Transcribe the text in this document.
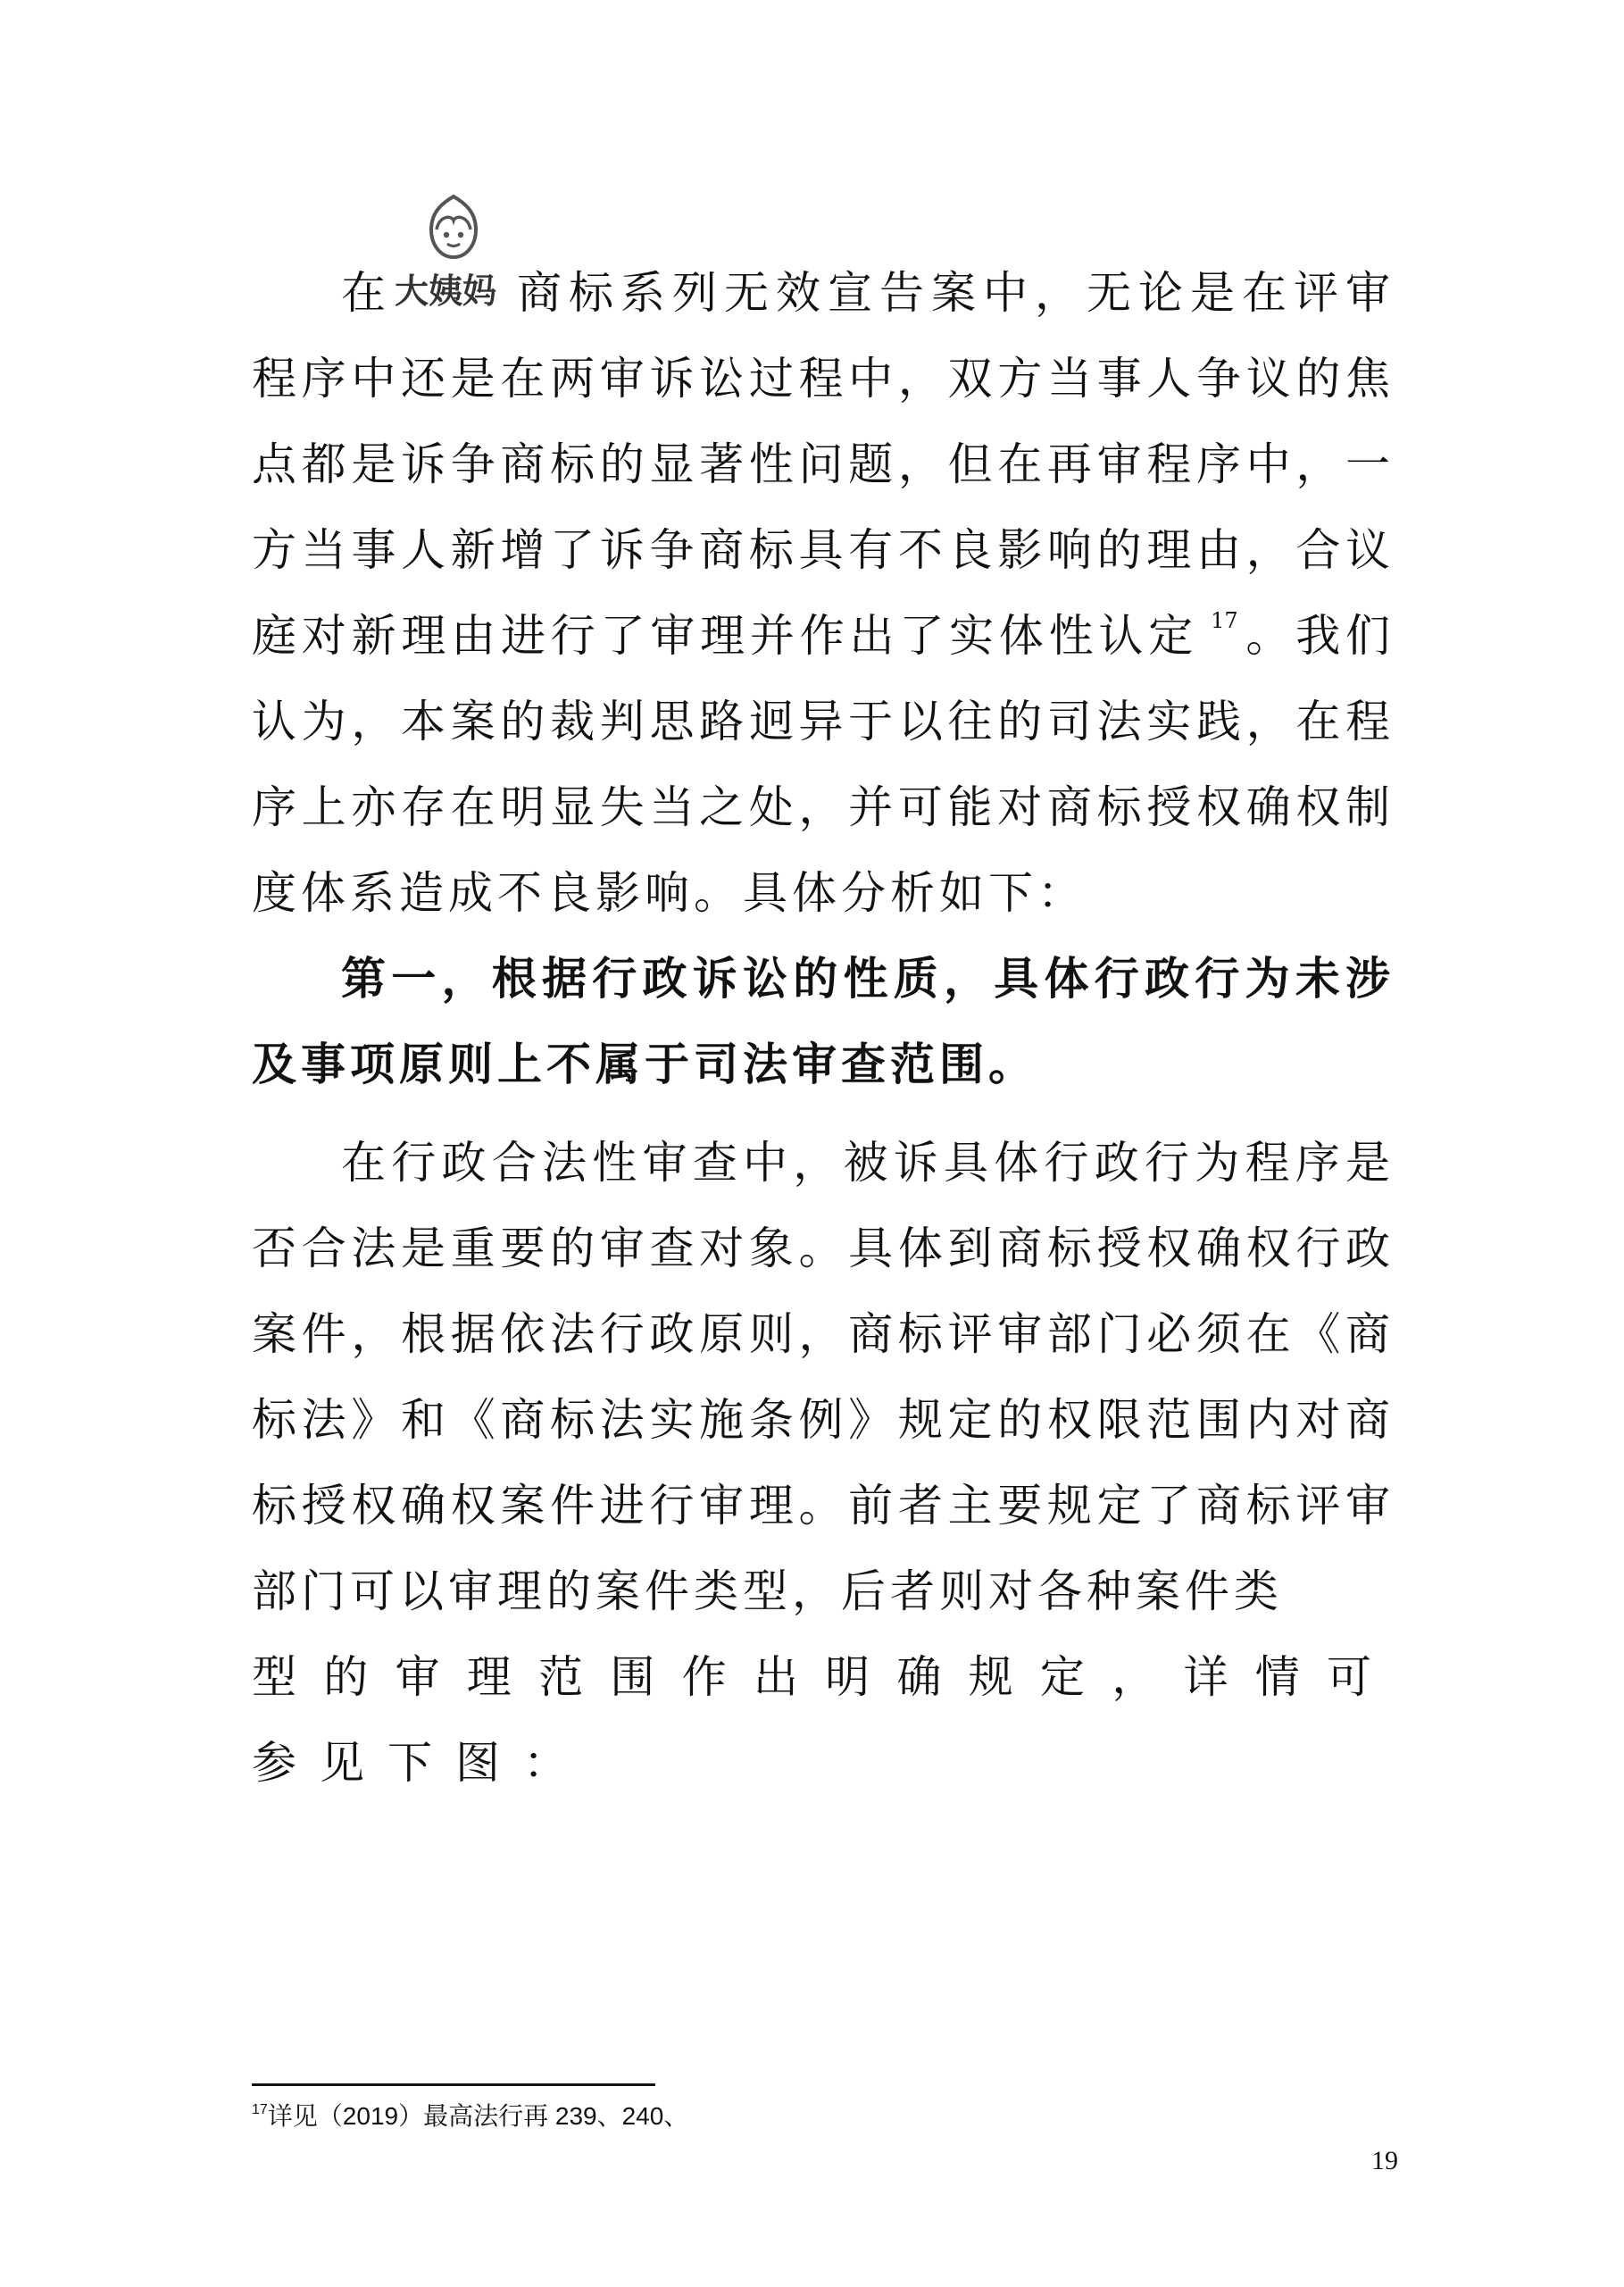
在 大姨妈 商标系列无效宣告案中，无论是在评审程序中还是在两审诉讼过程中，双方当事人争议的焦点都是诉争商标的显著性问题，但在再审程序中，一方当事人新增了诉争商标具有不良影响的理由，合议庭对新理由进行了审理并作出了实体性认定 $^{17}$ 。我们认为，本案的裁判思路迥异于以往的司法实践，在程序上亦存在明显失当之处，并可能对商标授权确权制度体系造成不良影响。具体分析如下：

第一，根据行政诉讼的性质，具体行政行为未涉及事项原则上不属于司法审查范围。

在行政合法性审查中，被诉具体行政行为程序是否合法是重要的审查对象。具体到商标授权确权行政案件，根据依法行政原则，商标评审部门必须在《商标法》和《商标法实施条例》规定的权限范围内对商标授权确权案件进行审理。前者主要规定了商标评审部门可以审理的案件类型，后者则对各种案件类

型的审理范围作出明确规定，详情可参见下图：

$^{17}$详见（2019）最高法行再 239、240、
19
